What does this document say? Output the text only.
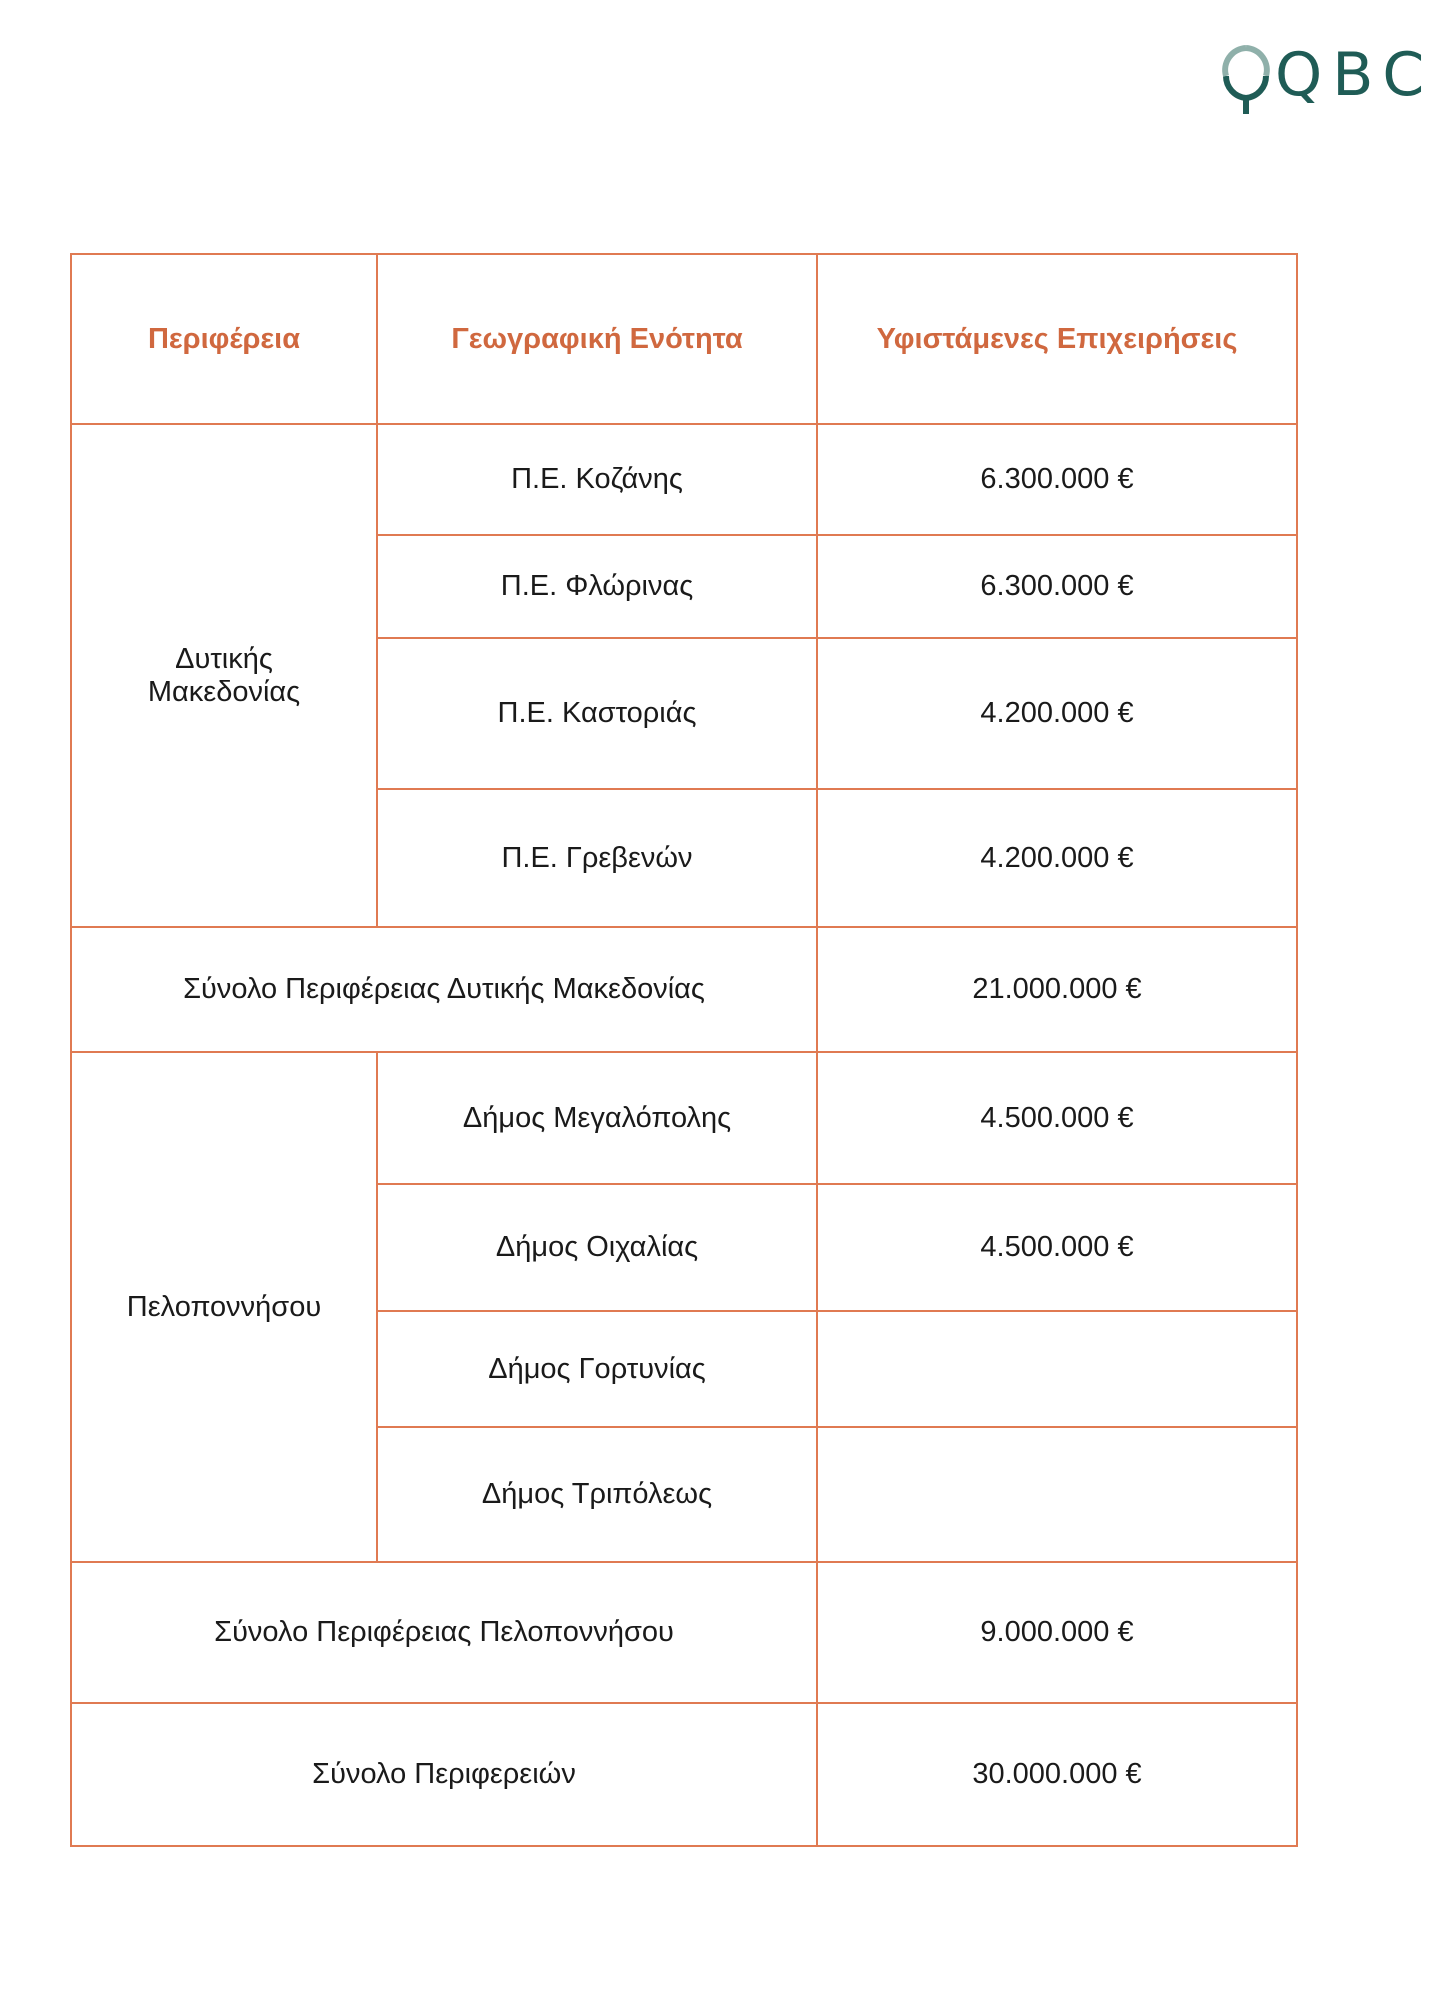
QBC
Περιφέρεια	Γεωγραφική Ενότητα	Υφιστάμενες Επιχειρήσεις
Δυτικής
Μακεδονίας	Π.Ε. Κοζάνης	6.300.000 €
	Π.Ε. Φλώρινας	6.300.000 €
	Π.Ε. Καστοριάς	4.200.000 €
	Π.Ε. Γρεβενών	4.200.000 €
Σύνολο Περιφέρειας Δυτικής Μακεδονίας		21.000.000 €
Πελοποννήσου	Δήμος Μεγαλόπολης	4.500.000 €
	Δήμος Οιχαλίας	4.500.000 €
	Δήμος Γορτυνίας	
	Δήμος Τριπόλεως	
Σύνολο Περιφέρειας Πελοποννήσου		9.000.000 €
Σύνολο Περιφερειών		30.000.000 €
